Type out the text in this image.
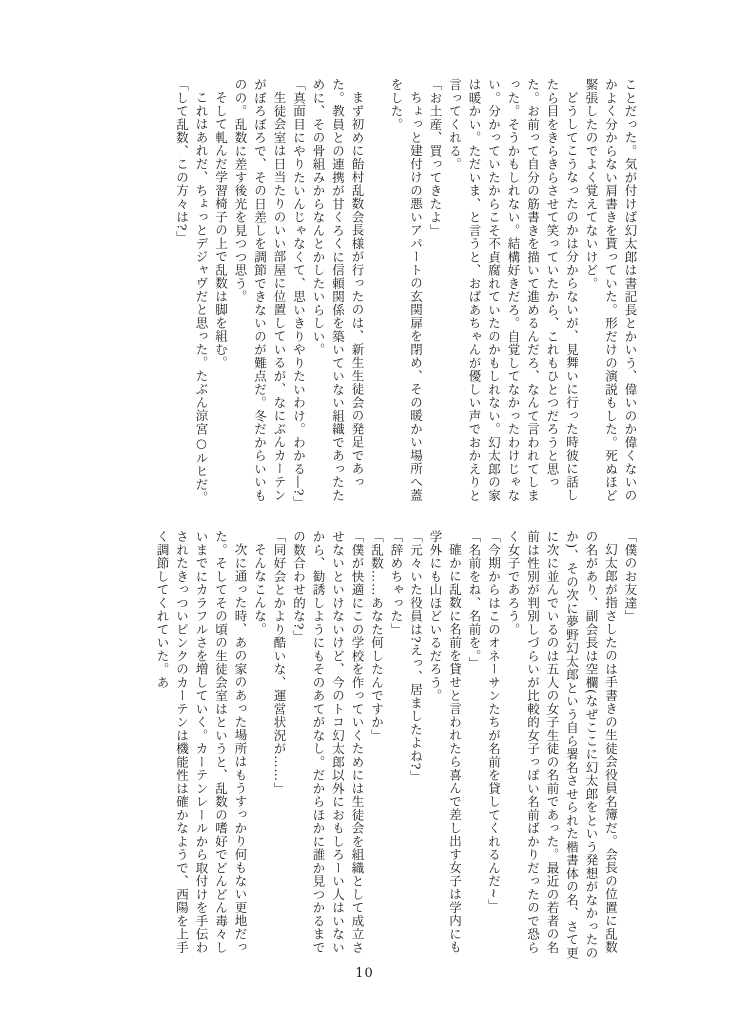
ことだった。気が付けば幻太郎は書記長とかいう、偉いのか偉くないのかよく分からない肩書きを貰っていた。形だけの演説もした。死ぬほど緊張したのでよく覚えてないけど。

どうしてこうなったのかは分からないが、見舞いに行った時彼に話したら目をきらきらさせて笑っていたから、これもひとつだろうと思った。お前って自分の筋書きを描いて進めるんだろ、なんて言われてしまった。そうかもしれない。結構好きだろ。自覚してなかったわけじゃない。分かっていたからこそ不貞腐れていたのかもしれない。幻太郎の家は暖かい。ただいま、と言うと、おばあちゃんが優しい声でおかえりと言ってくれる。

「お土産、買ってきたよ」

ちょっと建付けの悪いアパートの玄関扉を閉め、その暖かい場所へ蓋をした。

まず初めに飴村乱数会長様が行ったのは、新生生徒会の発足であった。教員との連携が甘くろくに信頼関係を築いていない組織であったために、その骨組みからなんとかしたいらしい。

「真面目にやりたいんじゃなくて、思いきりやりたいわけ。わかる―?」

生徒会室は日当たりのいい部屋に位置しているが、なにぶんカーテンがぼろぼろで、その日差しを調節できないのが難点だ。冬だからいいものの。乱数に差す後光を見つつ思う。

そして軋んだ学習椅子の上で乱数は脚を組む。

これはあれだ、ちょっとデジャヴだと思った。たぶん涼宮○ルヒだ。

「して乱数、この方々は?」

「僕のお友達」

幻太郎が指さしたのは手書きの生徒会役員名簿だ。会長の位置に乱数の名があり、副会長は空欄(なぜここに幻太郎をという発想がなかったのか)、その次に夢野幻太郎という自ら署名させられた楷書体の名、さて更に次に並んでいるのは五人の女子生徒の名前であった。最近の若者の名前は性別が判別しづらいが比較的女子っぽい名前ばかりだったので恐らく女子であろう。

「今期からはこのオネーサンたちが名前を貸してくれるんだ~」

「名前をね、名前を。」

確かに乱数に名前を貸せと言われたら喜んで差し出す女子は学内にも学外にも山ほどいるだろう。

「元々いた役員は?えっ、居ましたよね?」

「辞めちゃった」

「乱数……あなた何したんですか」

「僕が快適にこの学校を作っていくためには生徒会を組織として成立させないといけないけど、今のトコ幻太郎以外におもしろーい人はいないから、勧誘しようにもそのあてがなし。だからほかに誰か見つかるまでの数合わせ的な?」

「同好会とかより酷いな、運営状況が……」

そんなこんな。

次に通った時、あの家のあった場所はもうすっかり何もない更地だった。そしてその頃の生徒会室はというと、乱数の嗜好でどんどん毒々しいまでにカラフルさを増していく。カーテンレールから取付けを手伝わされたきっついピンクのカーテンは機能性は確かなようで、西陽を上手く調節してくれていた。あ

10
